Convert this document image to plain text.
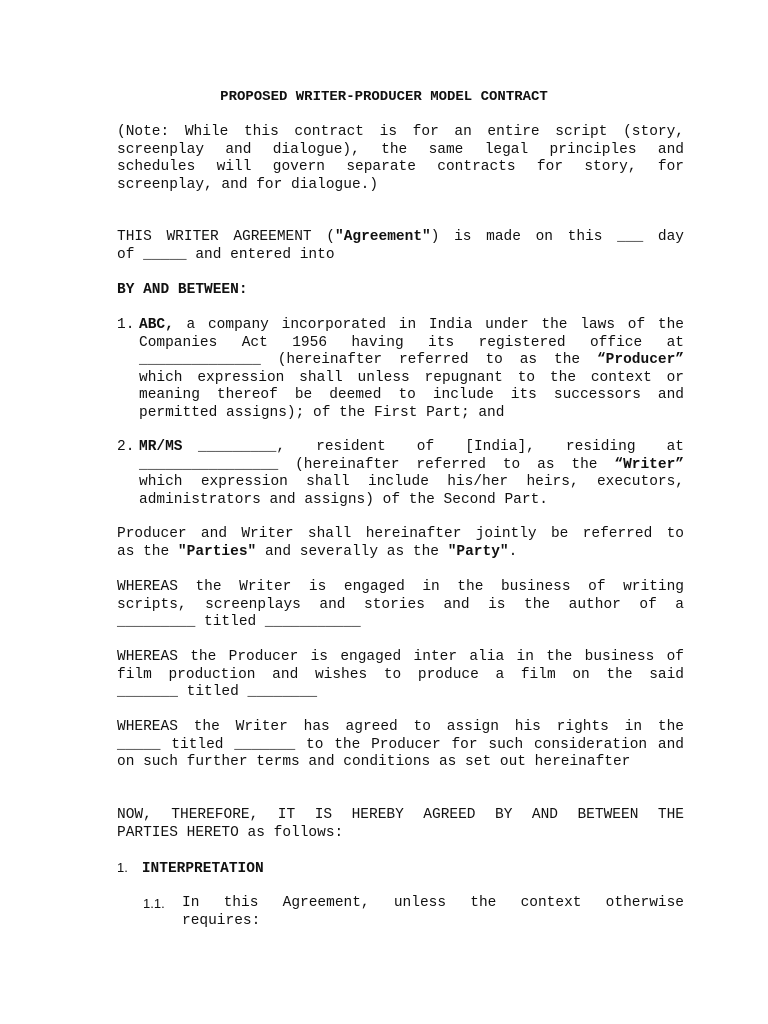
PROPOSED WRITER-PRODUCER MODEL CONTRACT

(Note: While this contract is for an entire script (story,
screenplay and dialogue), the same legal principles and
schedules will govern separate contracts for story, for
screenplay, and for dialogue.)
THIS WRITER AGREEMENT ("Agreement") is made on this ___ day
of _____ and entered into
BY AND BETWEEN:
1. ABC, a company incorporated in India under the laws of the
Companies Act 1956 having its registered office at
______________ (hereinafter referred to as the “Producer”
which expression shall unless repugnant to the context or
meaning thereof be deemed to include its successors and
permitted assigns); of the First Part; and
2. MR/MS _________,  resident  of  [India],  residing  at
________________ (hereinafter referred to as the “Writer”
which expression shall include his/her heirs, executors,
administrators and assigns) of the Second Part.
Producer and Writer shall hereinafter jointly be referred to
as the "Parties" and severally as the "Party".
WHEREAS the Writer is engaged in the business of writing
scripts, screenplays and stories and is the author of a
_________ titled ___________
WHEREAS the Producer is engaged inter alia in the business of
film production and wishes to produce a film on the said
_______ titled ________
WHEREAS the Writer has agreed to assign his rights in the
_____ titled _______ to the Producer for such consideration and
on such further terms and conditions as set out hereinafter
NOW, THEREFORE, IT IS HEREBY AGREED BY AND BETWEEN THE
PARTIES HERETO as follows:
1. INTERPRETATION
1.1. In this Agreement, unless the context otherwise
requires:
